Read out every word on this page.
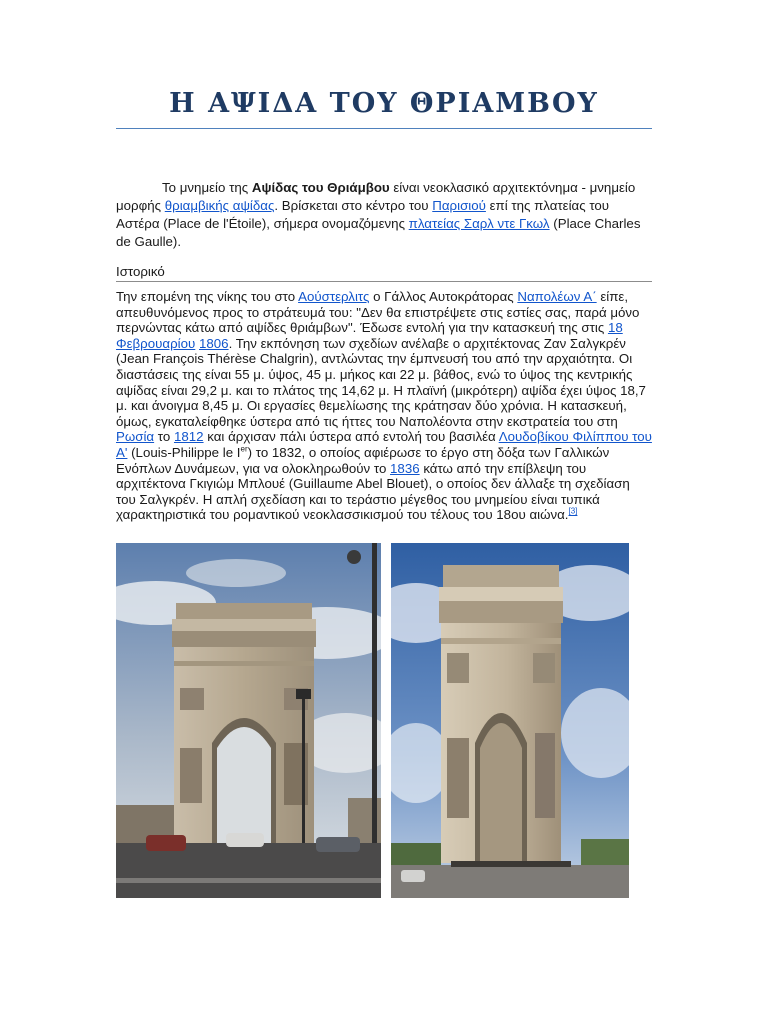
Η ΑΨΙΔΑ ΤΟΥ ΘΡΙΑΜΒΟΥ

Το μνημείο της Αψίδας του Θριάμβου είναι νεοκλασικό αρχιτεκτόνημα - μνημείο μορφής θριαμβικής αψίδας. Βρίσκεται στο κέντρο του Παρισιού επί της πλατείας του Αστέρα (Place de l'Étoile), σήμερα ονομαζόμενης πλατείας Σαρλ ντε Γκωλ (Place Charles de Gaulle).

Ιστορικό

Την επομένη της νίκης του στο Αούστερλιτς ο Γάλλος Αυτοκράτορας Ναπολέων Α΄ είπε, απευθυνόμενος προς το στράτευμά του: "Δεν θα επιστρέψετε στις εστίες σας, παρά μόνο περνώντας κάτω από αψίδες θριάμβων". Έδωσε εντολή για την κατασκευή της στις 18 Φεβρουαρίου 1806. Την εκπόνηση των σχεδίων ανέλαβε ο αρχιτέκτονας Ζαν Σαλγκρέν (Jean François Thérèse Chalgrin), αντλώντας την έμπνευσή του από την αρχαιότητα. Οι διαστάσεις της είναι 55 μ. ύψος, 45 μ. μήκος και 22 μ. βάθος, ενώ το ύψος της κεντρικής αψίδας είναι 29,2 μ. και το πλάτος της 14,62 μ. Η πλαϊνή (μικρότερη) αψίδα έχει ύψος 18,7 μ. και άνοιγμα 8,45 μ. Οι εργασίες θεμελίωσης της κράτησαν δύο χρόνια. Η κατασκευή, όμως, εγκαταλείφθηκε ύστερα από τις ήττες του Ναπολέοντα στην εκστρατεία του στη Ρωσία το 1812 και άρχισαν πάλι ύστερα από εντολή του βασιλέα Λουδοβίκου Φιλίππου του Α' (Louis-Philippe le Ier) το 1832, ο οποίος αφιέρωσε το έργο στη δόξα των Γαλλικών Ενόπλων Δυνάμεων, για να ολοκληρωθούν το 1836 κάτω από την επίβλεψη του αρχιτέκτονα Γκιγιώμ Μπλουέ (Guillaume Abel Blouet), ο οποίος δεν άλλαξε τη σχεδίαση του Σαλγκρέν. Η απλή σχεδίαση και το τεράστιο μέγεθος του μνημείου είναι τυπικά χαρακτηριστικά του ρομαντικού νεοκλασσικισμού του τέλους του 18ου αιώνα.[3]
